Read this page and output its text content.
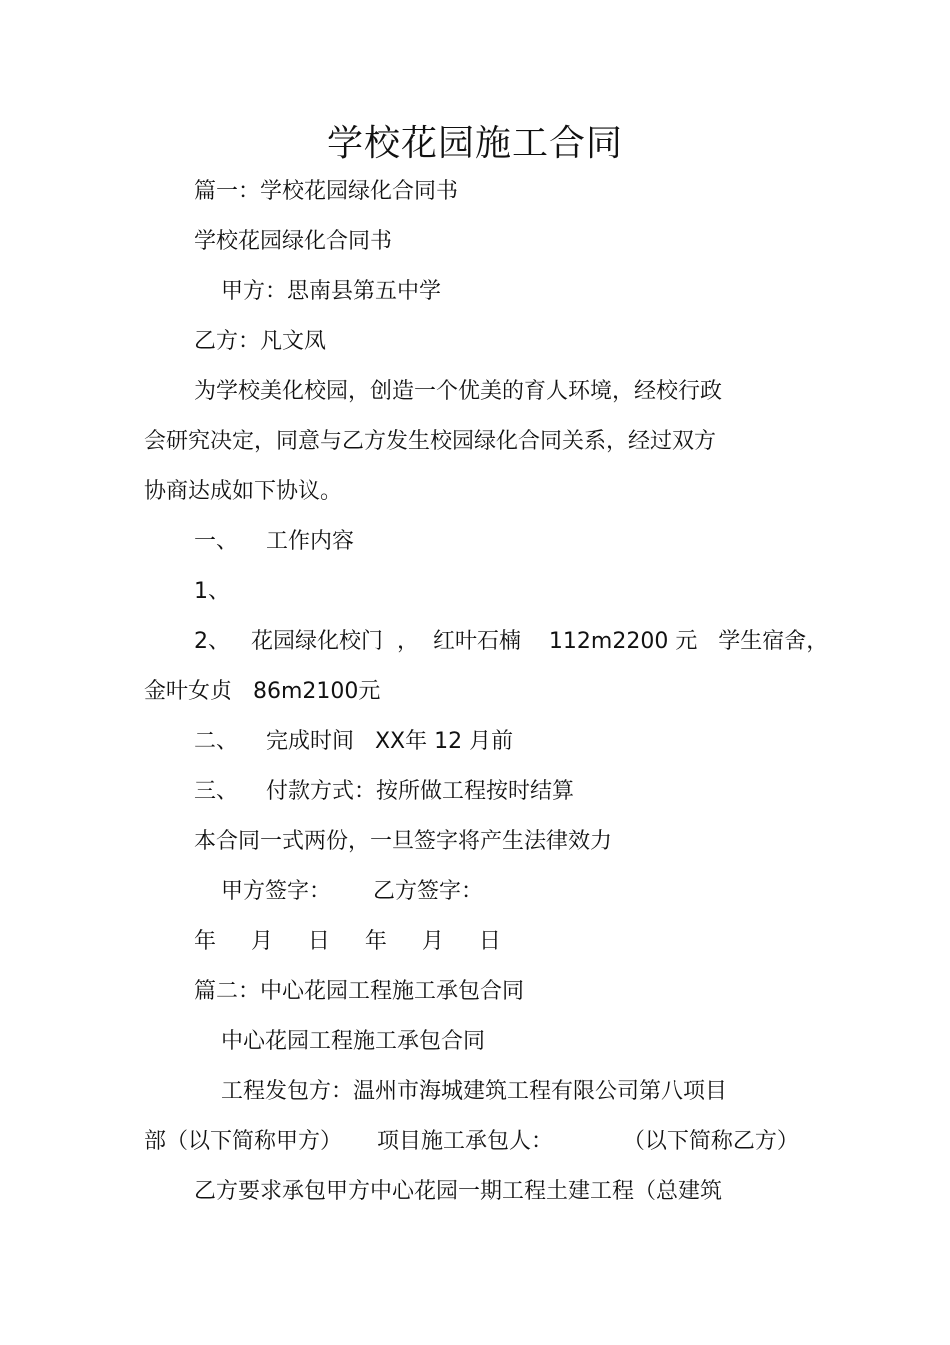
学校花园施工合同

篇一：学校花园绿化合同书

学校花园绿化合同书

甲方：思南县第五中学

乙方：凡文凤

为学校美化校园，创造一个优美的育人环境，经校行政

会研究决定，同意与乙方发生校园绿化合同关系，经过双方

协商达成如下协议。

一、    工作内容

1、

2、   花园绿化校门  ，  红叶石楠    112m2200 元   学生宿舍，

金叶女贞   86m2100元

二、    完成时间   XX年 12 月前

三、    付款方式：按所做工程按时结算

本合同一式两份，一旦签字将产生法律效力

甲方签字：      乙方签字：

年     月     日     年     月     日

篇二：中心花园工程施工承包合同

中心花园工程施工承包合同

工程发包方：温州市海城建筑工程有限公司第八项目

部（以下简称甲方）     项目施工承包人：          （以下简称乙方）

乙方要求承包甲方中心花园一期工程土建工程（总建筑
